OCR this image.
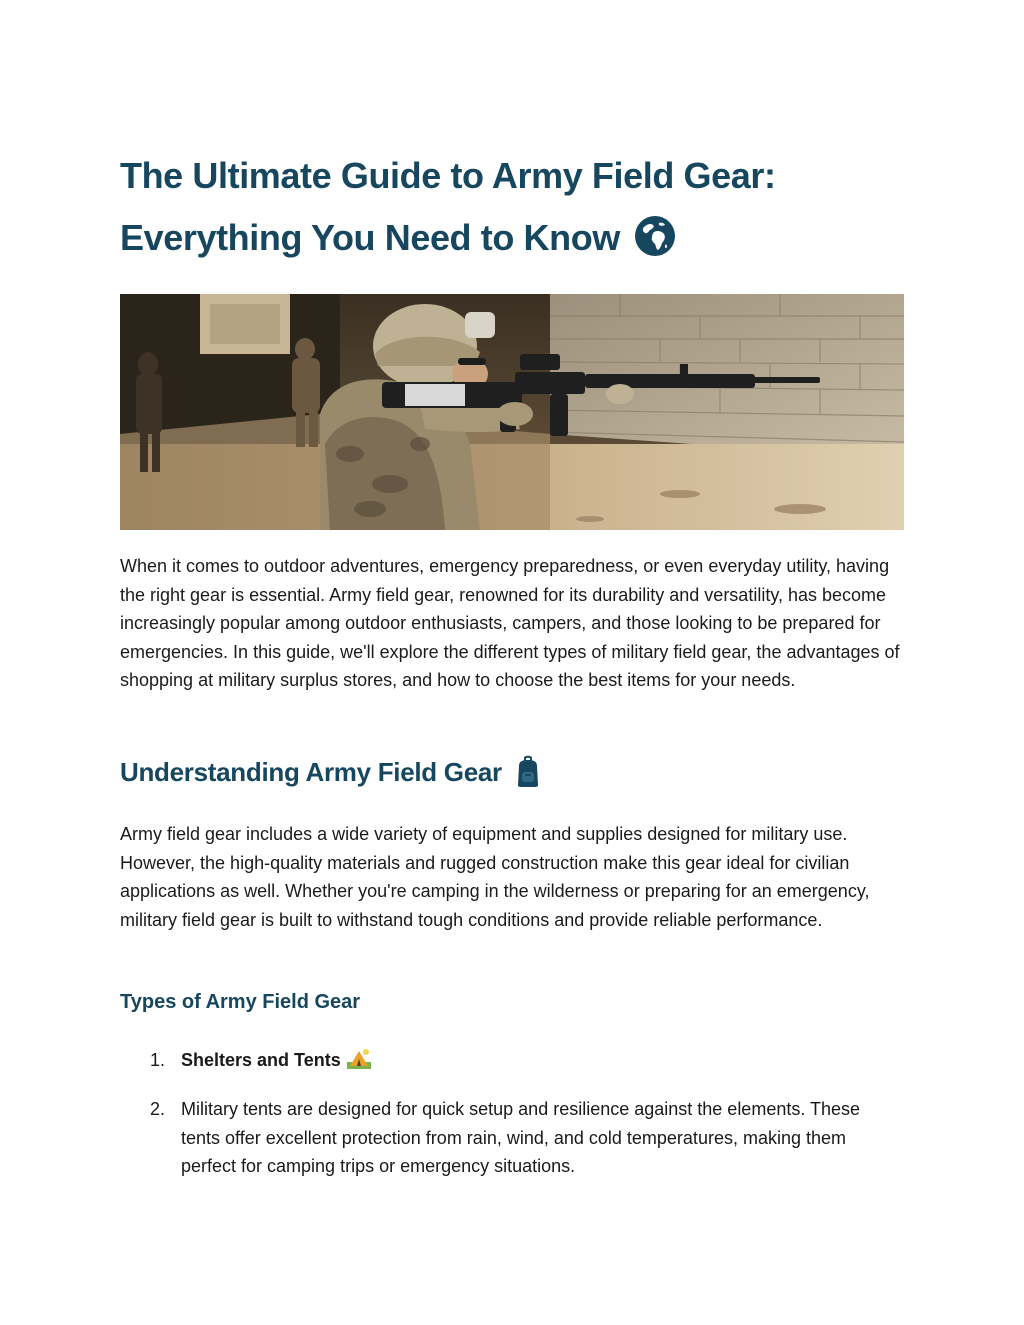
The Ultimate Guide to Army Field Gear:
Everything You Need to Know

When it comes to outdoor adventures, emergency preparedness, or even everyday utility, having the right gear is essential. Army field gear, renowned for its durability and versatility, has become increasingly popular among outdoor enthusiasts, campers, and those looking to be prepared for emergencies. In this guide, we'll explore the different types of military field gear, the advantages of shopping at military surplus stores, and how to choose the best items for your needs.

Understanding Army Field Gear

Army field gear includes a wide variety of equipment and supplies designed for military use. However, the high-quality materials and rugged construction make this gear ideal for civilian applications as well. Whether you're camping in the wilderness or preparing for an emergency, military field gear is built to withstand tough conditions and provide reliable performance.

Types of Army Field Gear
1. Shelters and Tents
2. Military tents are designed for quick setup and resilience against the elements. These tents offer excellent protection from rain, wind, and cold temperatures, making them perfect for camping trips or emergency situations.
